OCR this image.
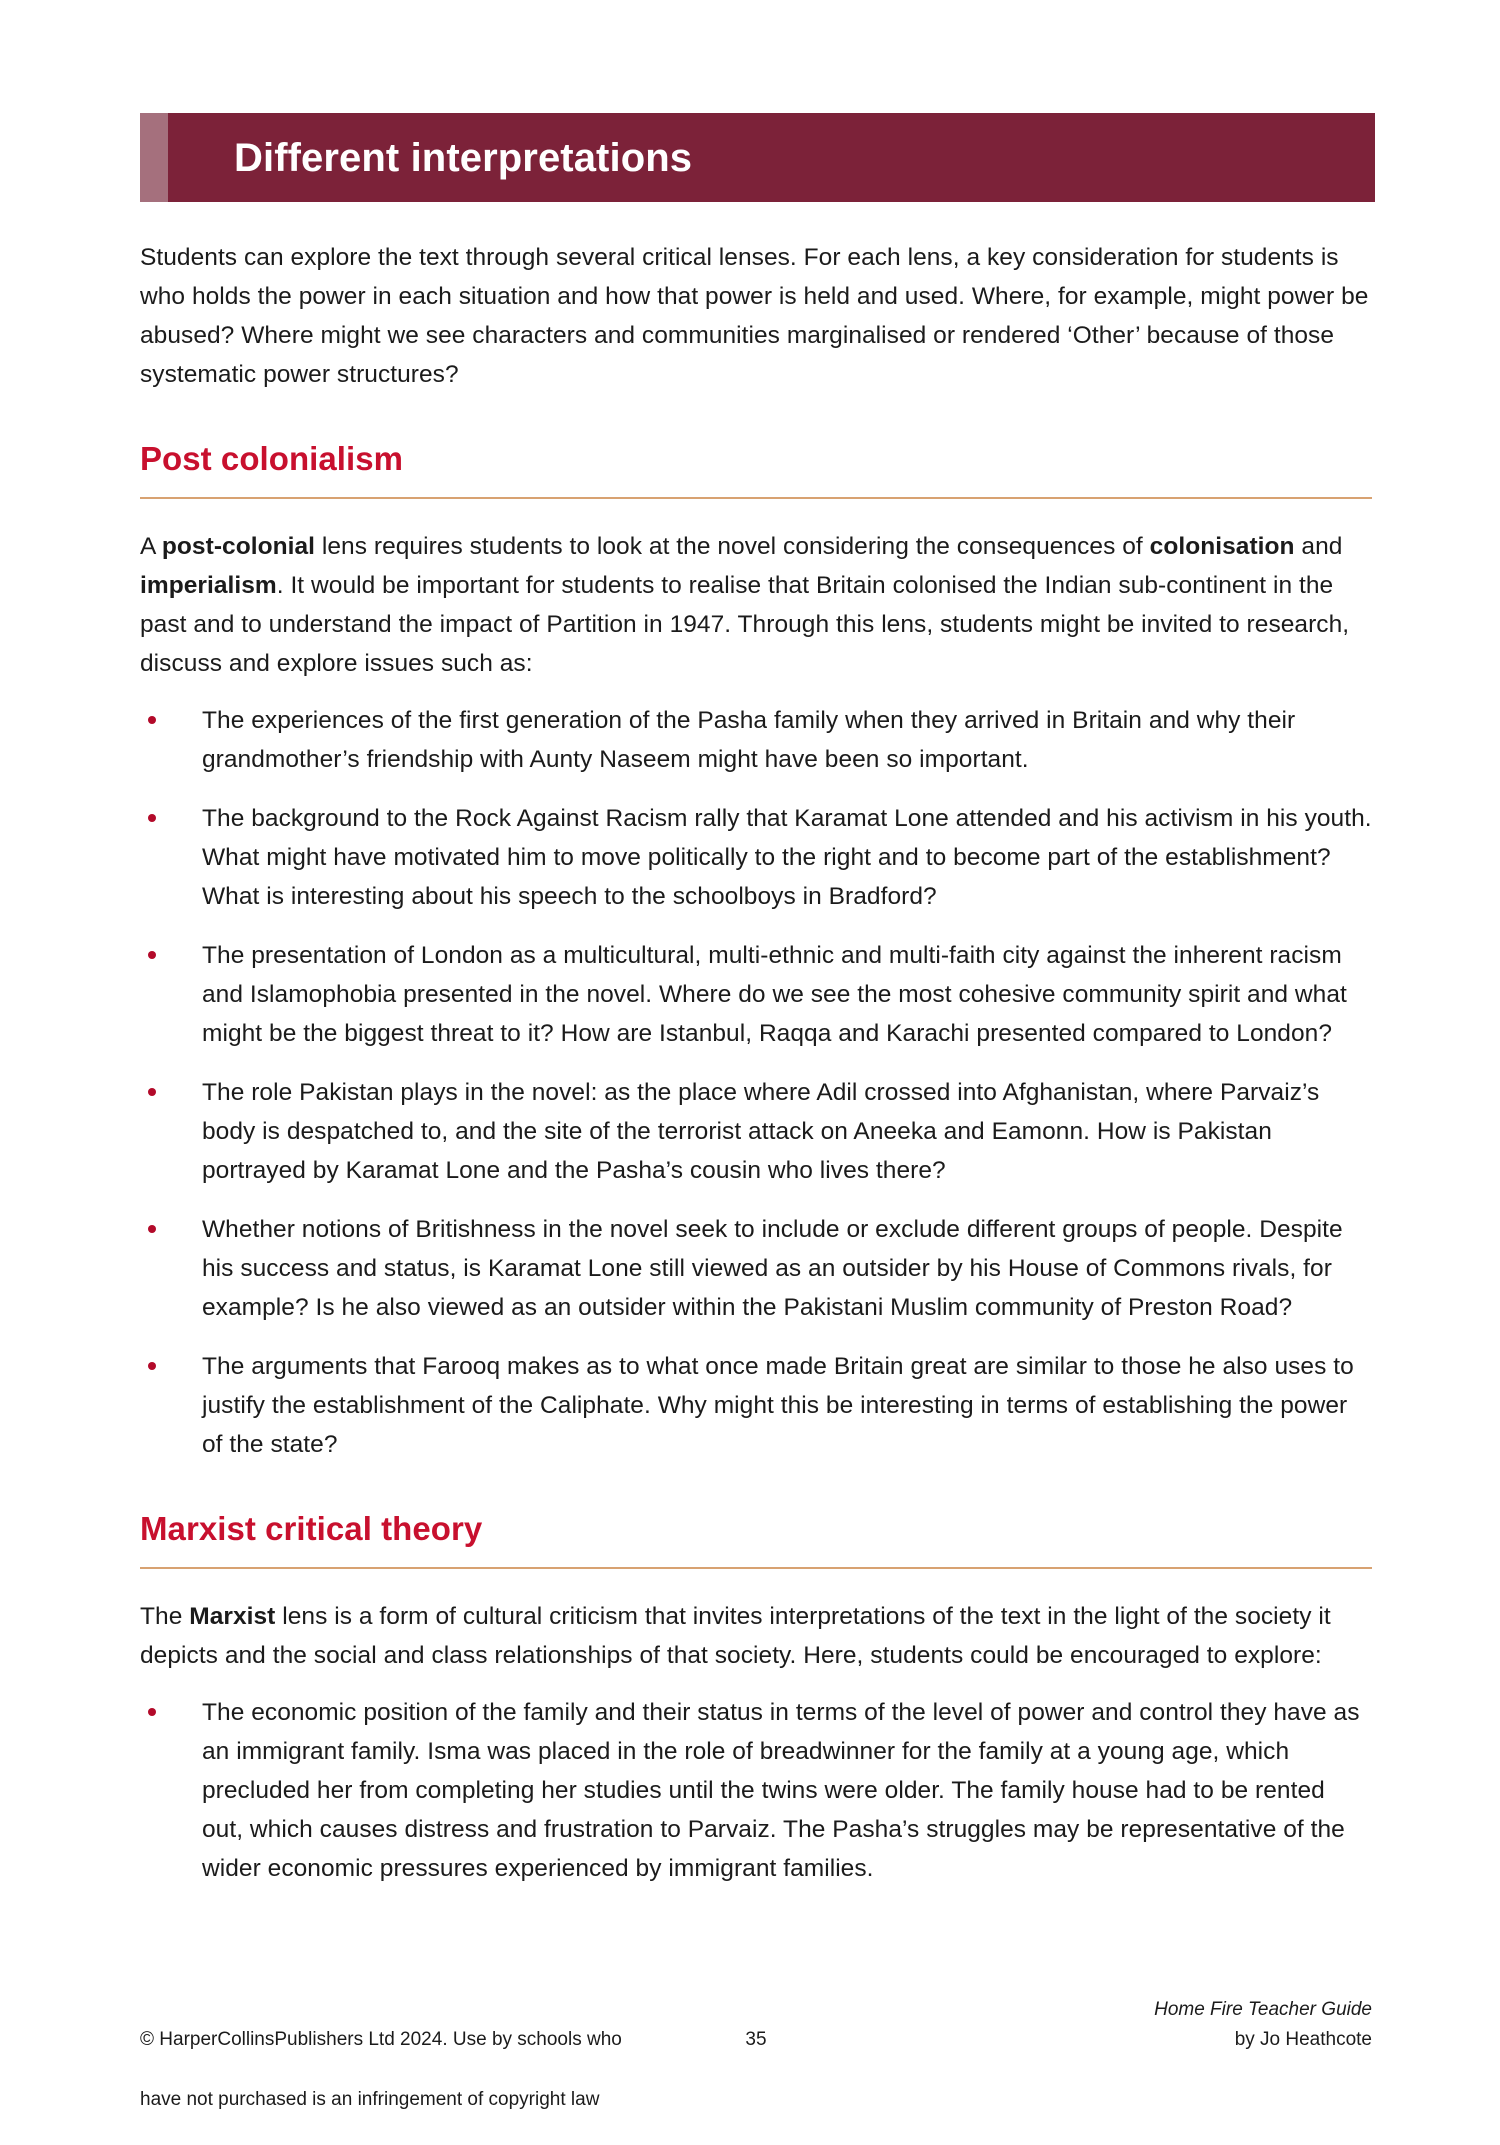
Different interpretations

Students can explore the text through several critical lenses. For each lens, a key consideration for students is who holds the power in each situation and how that power is held and used. Where, for example, might power be abused? Where might we see characters and communities marginalised or rendered ‘Other’ because of those systematic power structures?

Post colonialism

A post-colonial lens requires students to look at the novel considering the consequences of colonisation and imperialism. It would be important for students to realise that Britain colonised the Indian sub-continent in the past and to understand the impact of Partition in 1947. Through this lens, students might be invited to research, discuss and explore issues such as:

The experiences of the first generation of the Pasha family when they arrived in Britain and why their grandmother’s friendship with Aunty Naseem might have been so important.
The background to the Rock Against Racism rally that Karamat Lone attended and his activism in his youth. What might have motivated him to move politically to the right and to become part of the establishment? What is interesting about his speech to the schoolboys in Bradford?
The presentation of London as a multicultural, multi-ethnic and multi-faith city against the inherent racism and Islamophobia presented in the novel. Where do we see the most cohesive community spirit and what might be the biggest threat to it? How are Istanbul, Raqqa and Karachi presented compared to London?
The role Pakistan plays in the novel: as the place where Adil crossed into Afghanistan, where Parvaiz’s body is despatched to, and the site of the terrorist attack on Aneeka and Eamonn. How is Pakistan portrayed by Karamat Lone and the Pasha’s cousin who lives there?
Whether notions of Britishness in the novel seek to include or exclude different groups of people. Despite his success and status, is Karamat Lone still viewed as an outsider by his House of Commons rivals, for example? Is he also viewed as an outsider within the Pakistani Muslim community of Preston Road?
The arguments that Farooq makes as to what once made Britain great are similar to those he also uses to justify the establishment of the Caliphate. Why might this be interesting in terms of establishing the power of the state?
Marxist critical theory

The Marxist lens is a form of cultural criticism that invites interpretations of the text in the light of the society it depicts and the social and class relationships of that society. Here, students could be encouraged to explore:

The economic position of the family and their status in terms of the level of power and control they have as an immigrant family. Isma was placed in the role of breadwinner for the family at a young age, which precluded her from completing her studies until the twins were older. The family house had to be rented out, which causes distress and frustration to Parvaiz. The Pasha’s struggles may be representative of the wider economic pressures experienced by immigrant families.

© HarperCollinsPublishers Ltd 2024. Use by schools who

have not purchased is an infringement of copyright law

35
Home Fire Teacher Guide
by Jo Heathcote
